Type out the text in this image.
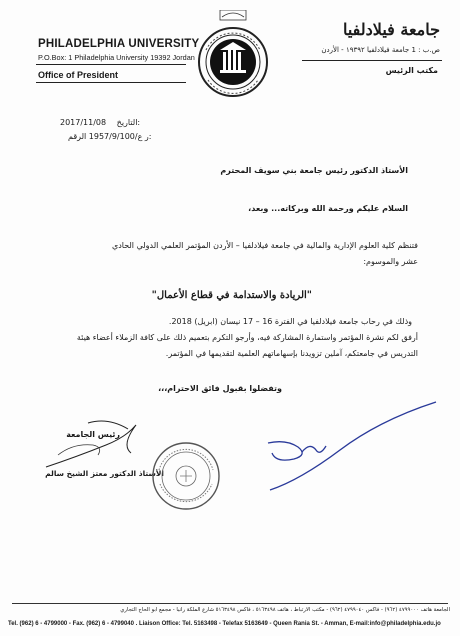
PHILADELPHIA UNIVERSITY
P.O.Box: 1 Philadelphia University 19392 Jordan
Office of President
جامعة فيلادلفيا
ص.ب : 1 جامعة فيلادلفيا ١٩٣٩٢ - الأردن
مكتب الرئيس
2017/11/08 التاريخ:
ر ع/1957/9/100 الرقم:
الأستاذ الدكتور رئيس جامعة بني سويف المحترم
السلام عليكم ورحمة الله وبركاته... وبعد،
فتنظم كلية العلوم الإدارية والمالية في جامعة فيلادلفيا – الأردن المؤتمر العلمي الدولي الحادي
عشر والموسوم:
"الريادة والاستدامة في قطاع الأعمال"
وذلك في رحاب جامعة فيلادلفيا في الفترة 16 – 17 نيسان (ابريل) 2018.
أرفق لكم نشرة المؤتمر واستمارة المشاركة فيه، وأرجو التكرم بتعميم ذلك على كافة الزملاء أعضاء هيئة
التدريس في جامعتكم، آملين تزويدنا بإسهاماتهم العلمية لتقديمها في المؤتمر.
وتفضلوا بقبول فائق الاحترام،،،
رئيس الجامعة
الأستاذ الدكتور معتز الشيخ سالم
الجامعة هاتف ٤٧٩٩٠٠٠ (٩٦٢) - فاكس ٤٧٩٩٠٤٠ (٩٦٢) - مكتب الارتباط ، هاتف ٥١٦٣٤٩٨ ، فاكس ٥١٦٣٤٩٨ شارع الملكة رانيا - مجمع أبو الحاج التجاري
Tel. (962) 6 - 4799000 - Fax. (962) 6 - 4799040 . Liaison Office: Tel. 5163498 - Telefax 5163649 - Queen Rania St. - Amman, E-mail:info@philadelphia.edu.jo
